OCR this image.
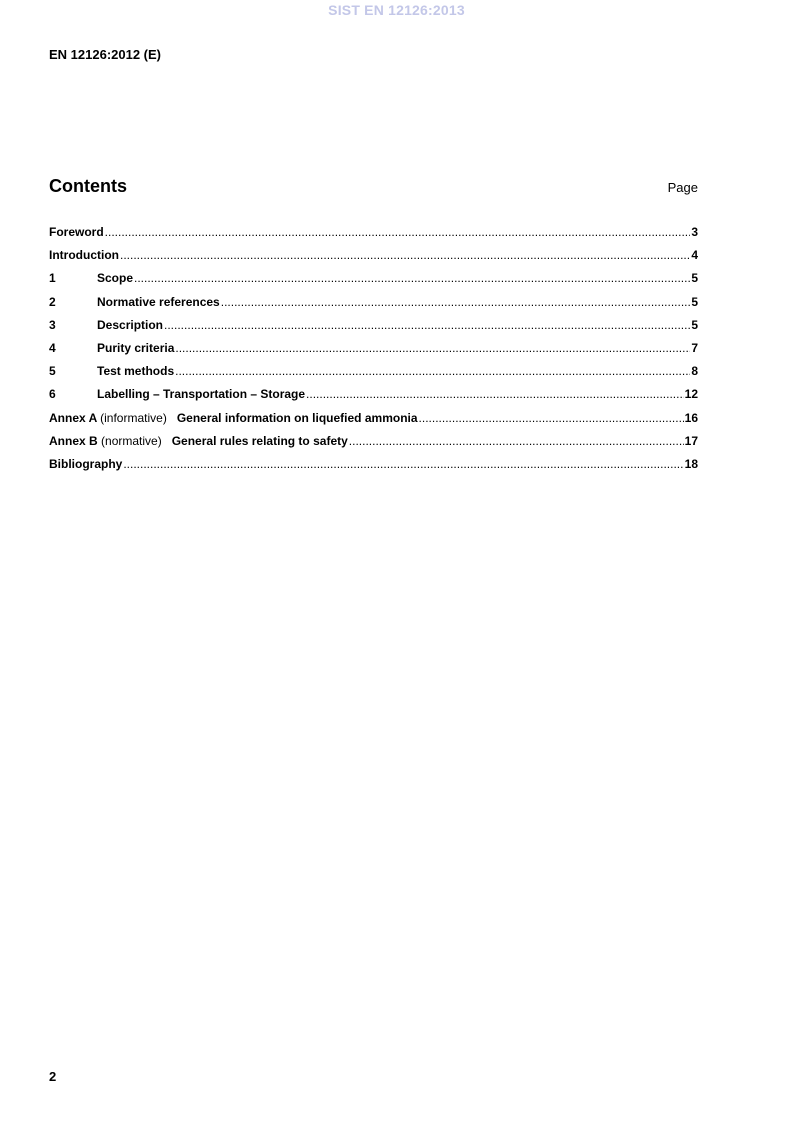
SIST EN 12126:2013
EN 12126:2012 (E)
Contents	Page
Foreword .....	3
Introduction .....	4
1	Scope .....	5
2	Normative references .....	5
3	Description .....	5
4	Purity criteria .....	7
5	Test methods .....	8
6	Labelling – Transportation – Storage .....	12
Annex A (informative) General information on liquefied ammonia .....	16
Annex B (normative) General rules relating to safety .....	17
Bibliography .....	18
2
